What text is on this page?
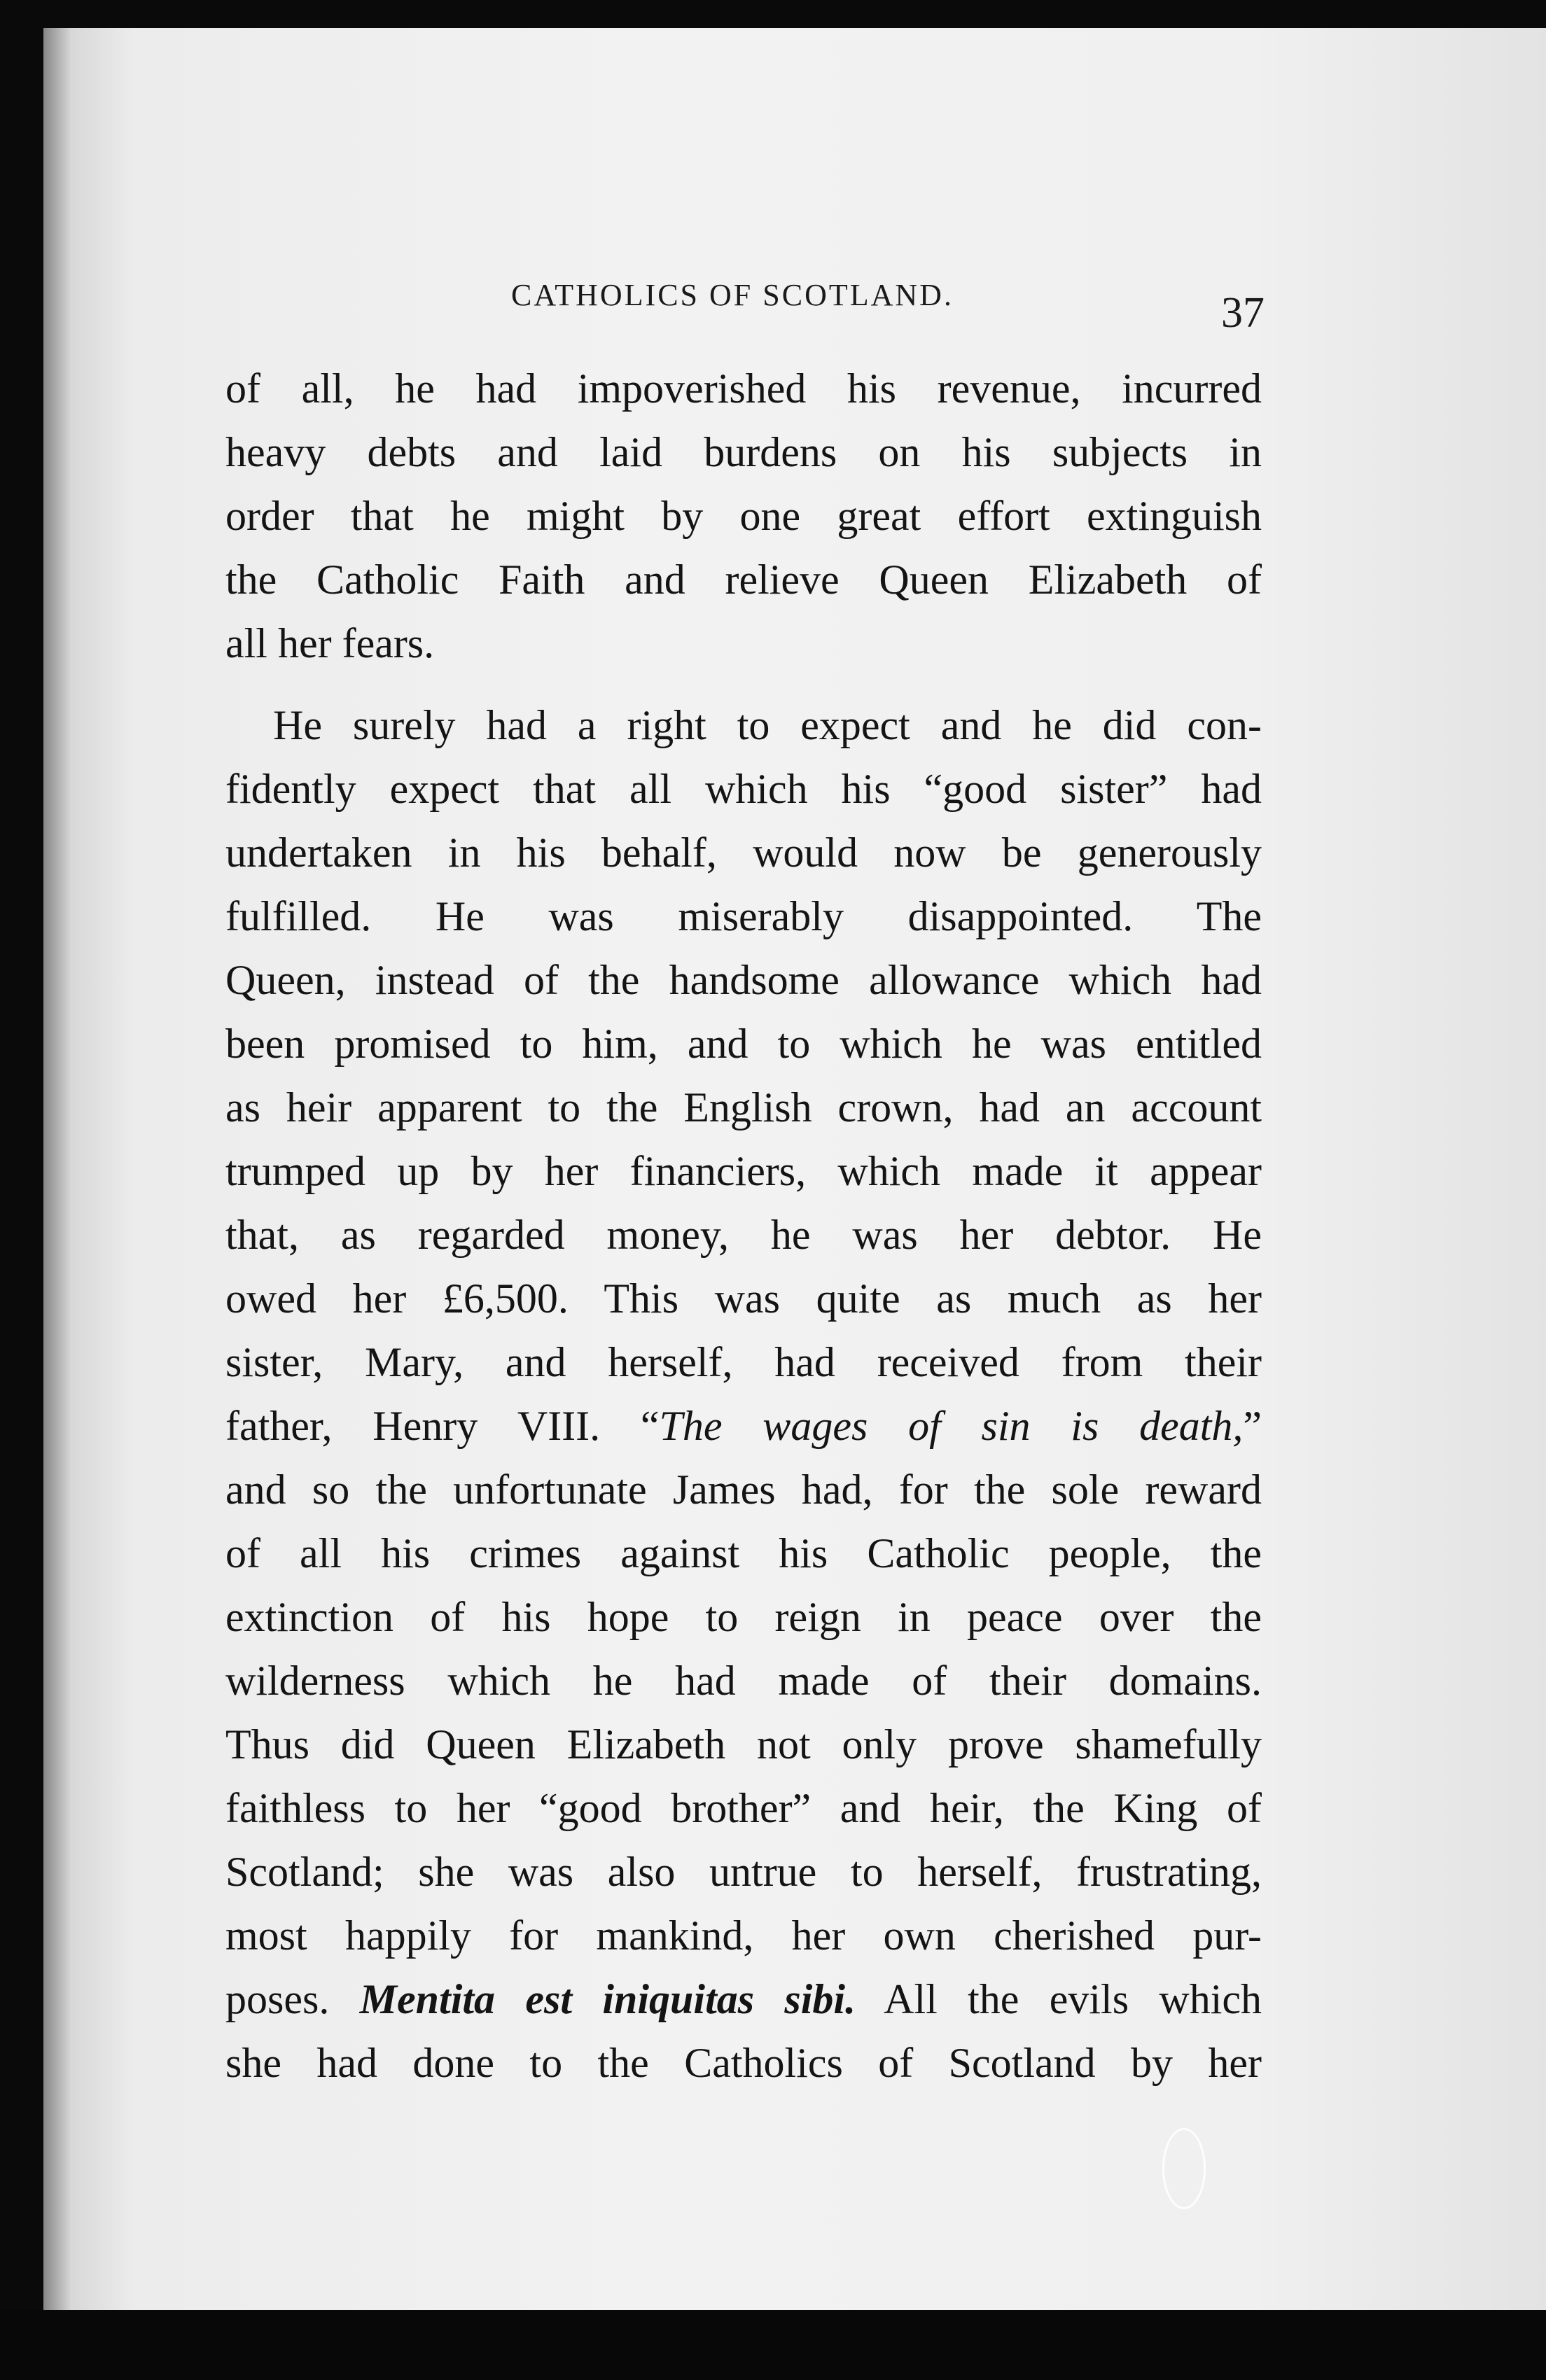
CATHOLICS OF SCOTLAND.	37
of all, he had impoverished his revenue, incurred
heavy debts and laid burdens on his subjects in
order that he might by one great effort extinguish
the Catholic Faith and relieve Queen Elizabeth of
all her fears.
He surely had a right to expect and he did con-
fidently expect that all which his “good sister” had
undertaken in his behalf, would now be generously
fulfilled. He was miserably disappointed. The
Queen, instead of the handsome allowance which had
been promised to him, and to which he was entitled
as heir apparent to the English crown, had an account
trumped up by her financiers, which made it appear
that, as regarded money, he was her debtor. He
owed her £6,500. This was quite as much as her
sister, Mary, and herself, had received from their
father, Henry VIII. “The wages of sin is death,”
and so the unfortunate James had, for the sole reward
of all his crimes against his Catholic people, the
extinction of his hope to reign in peace over the
wilderness which he had made of their domains.
Thus did Queen Elizabeth not only prove shamefully
faithless to her “good brother” and heir, the King of
Scotland; she was also untrue to herself, frustrating,
most happily for mankind, her own cherished pur-
poses. Mentita est iniquitas sibi. All the evils which
she had done to the Catholics of Scotland by her
